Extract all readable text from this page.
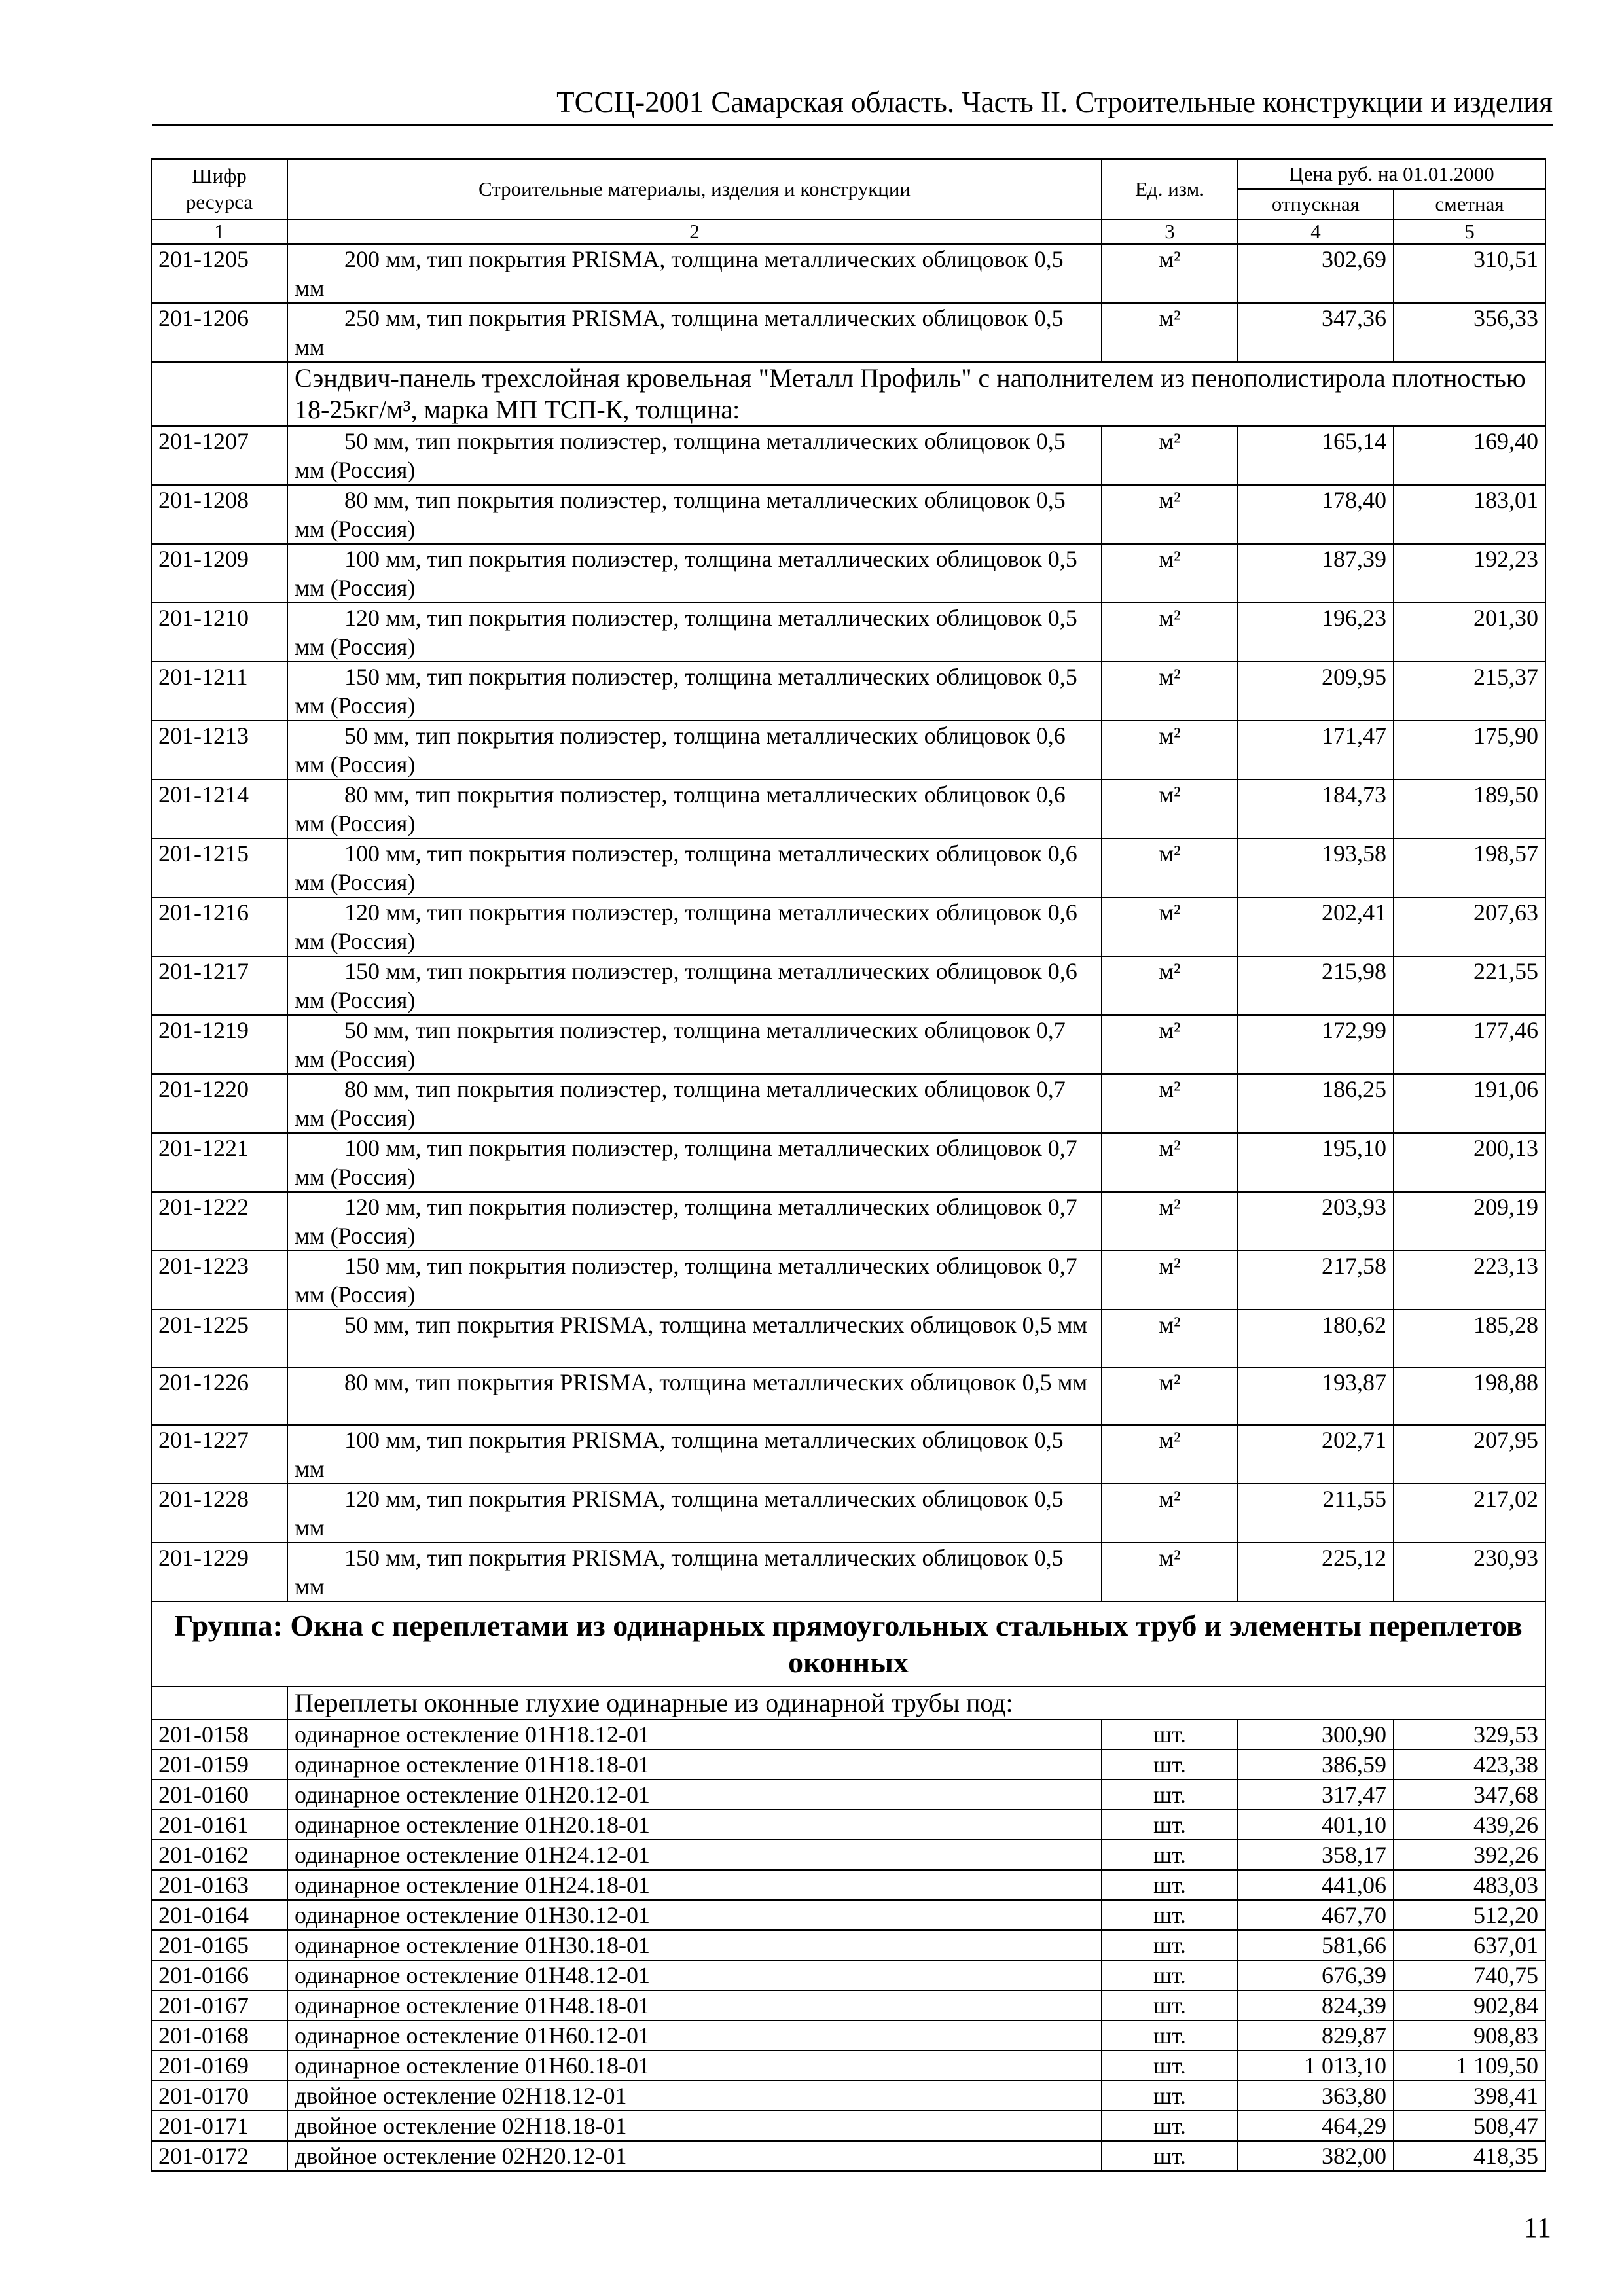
ТССЦ-2001 Самарская область. Часть II. Строительные конструкции и изделия
Шифр ресурса	Строительные материалы, изделия и конструкции	Ед. изм.	Цена руб. на 01.01.2000	
			отпускная	сметная
1	2	3	4	5
201-1205	200 мм, тип покрытия PRISMA, толщина металлических облицовок 0,5 мм	м²	302,69	310,51
201-1206	250 мм, тип покрытия PRISMA, толщина металлических облицовок 0,5 мм	м²	347,36	356,33
	Сэндвич-панель трехслойная кровельная "Металл Профиль" с наполнителем из пенополистирола плотностью 18-25кг/м³, марка МП ТСП-К, толщина:			
201-1207	50 мм, тип покрытия полиэстер, толщина металлических облицовок 0,5 мм (Россия)	м²	165,14	169,40
201-1208	80 мм, тип покрытия полиэстер, толщина металлических облицовок 0,5 мм (Россия)	м²	178,40	183,01
201-1209	100 мм, тип покрытия полиэстер, толщина металлических облицовок 0,5 мм (Россия)	м²	187,39	192,23
201-1210	120 мм, тип покрытия полиэстер, толщина металлических облицовок 0,5 мм (Россия)	м²	196,23	201,30
201-1211	150 мм, тип покрытия полиэстер, толщина металлических облицовок 0,5 мм (Россия)	м²	209,95	215,37
201-1213	50 мм, тип покрытия полиэстер, толщина металлических облицовок 0,6 мм (Россия)	м²	171,47	175,90
201-1214	80 мм, тип покрытия полиэстер, толщина металлических облицовок 0,6 мм (Россия)	м²	184,73	189,50
201-1215	100 мм, тип покрытия полиэстер, толщина металлических облицовок 0,6 мм (Россия)	м²	193,58	198,57
201-1216	120 мм, тип покрытия полиэстер, толщина металлических облицовок 0,6 мм (Россия)	м²	202,41	207,63
201-1217	150 мм, тип покрытия полиэстер, толщина металлических облицовок 0,6 мм (Россия)	м²	215,98	221,55
201-1219	50 мм, тип покрытия полиэстер, толщина металлических облицовок 0,7 мм (Россия)	м²	172,99	177,46
201-1220	80 мм, тип покрытия полиэстер, толщина металлических облицовок 0,7 мм (Россия)	м²	186,25	191,06
201-1221	100 мм, тип покрытия полиэстер, толщина металлических облицовок 0,7 мм (Россия)	м²	195,10	200,13
201-1222	120 мм, тип покрытия полиэстер, толщина металлических облицовок 0,7 мм (Россия)	м²	203,93	209,19
201-1223	150 мм, тип покрытия полиэстер, толщина металлических облицовок 0,7 мм (Россия)	м²	217,58	223,13
201-1225	50 мм, тип покрытия PRISMA, толщина металлических облицовок 0,5 мм	м²	180,62	185,28
201-1226	80 мм, тип покрытия PRISMA, толщина металлических облицовок 0,5 мм	м²	193,87	198,88
201-1227	100 мм, тип покрытия PRISMA, толщина металлических облицовок 0,5 мм	м²	202,71	207,95
201-1228	120 мм, тип покрытия PRISMA, толщина металлических облицовок 0,5 мм	м²	211,55	217,02
201-1229	150 мм, тип покрытия PRISMA, толщина металлических облицовок 0,5 мм	м²	225,12	230,93
Группа: Окна с переплетами из одинарных прямоугольных стальных труб и элементы переплетов оконных				
	Переплеты оконные глухие одинарные из одинарной трубы под:			
201-0158	одинарное остекление 01Н18.12-01	шт.	300,90	329,53
201-0159	одинарное остекление 01Н18.18-01	шт.	386,59	423,38
201-0160	одинарное остекление 01Н20.12-01	шт.	317,47	347,68
201-0161	одинарное остекление 01Н20.18-01	шт.	401,10	439,26
201-0162	одинарное остекление 01Н24.12-01	шт.	358,17	392,26
201-0163	одинарное остекление 01Н24.18-01	шт.	441,06	483,03
201-0164	одинарное остекление 01Н30.12-01	шт.	467,70	512,20
201-0165	одинарное остекление 01Н30.18-01	шт.	581,66	637,01
201-0166	одинарное остекление 01Н48.12-01	шт.	676,39	740,75
201-0167	одинарное остекление 01Н48.18-01	шт.	824,39	902,84
201-0168	одинарное остекление 01Н60.12-01	шт.	829,87	908,83
201-0169	одинарное остекление 01Н60.18-01	шт.	1 013,10	1 109,50
201-0170	двойное остекление 02Н18.12-01	шт.	363,80	398,41
201-0171	двойное остекление 02Н18.18-01	шт.	464,29	508,47
201-0172	двойное остекление 02Н20.12-01	шт.	382,00	418,35
11
